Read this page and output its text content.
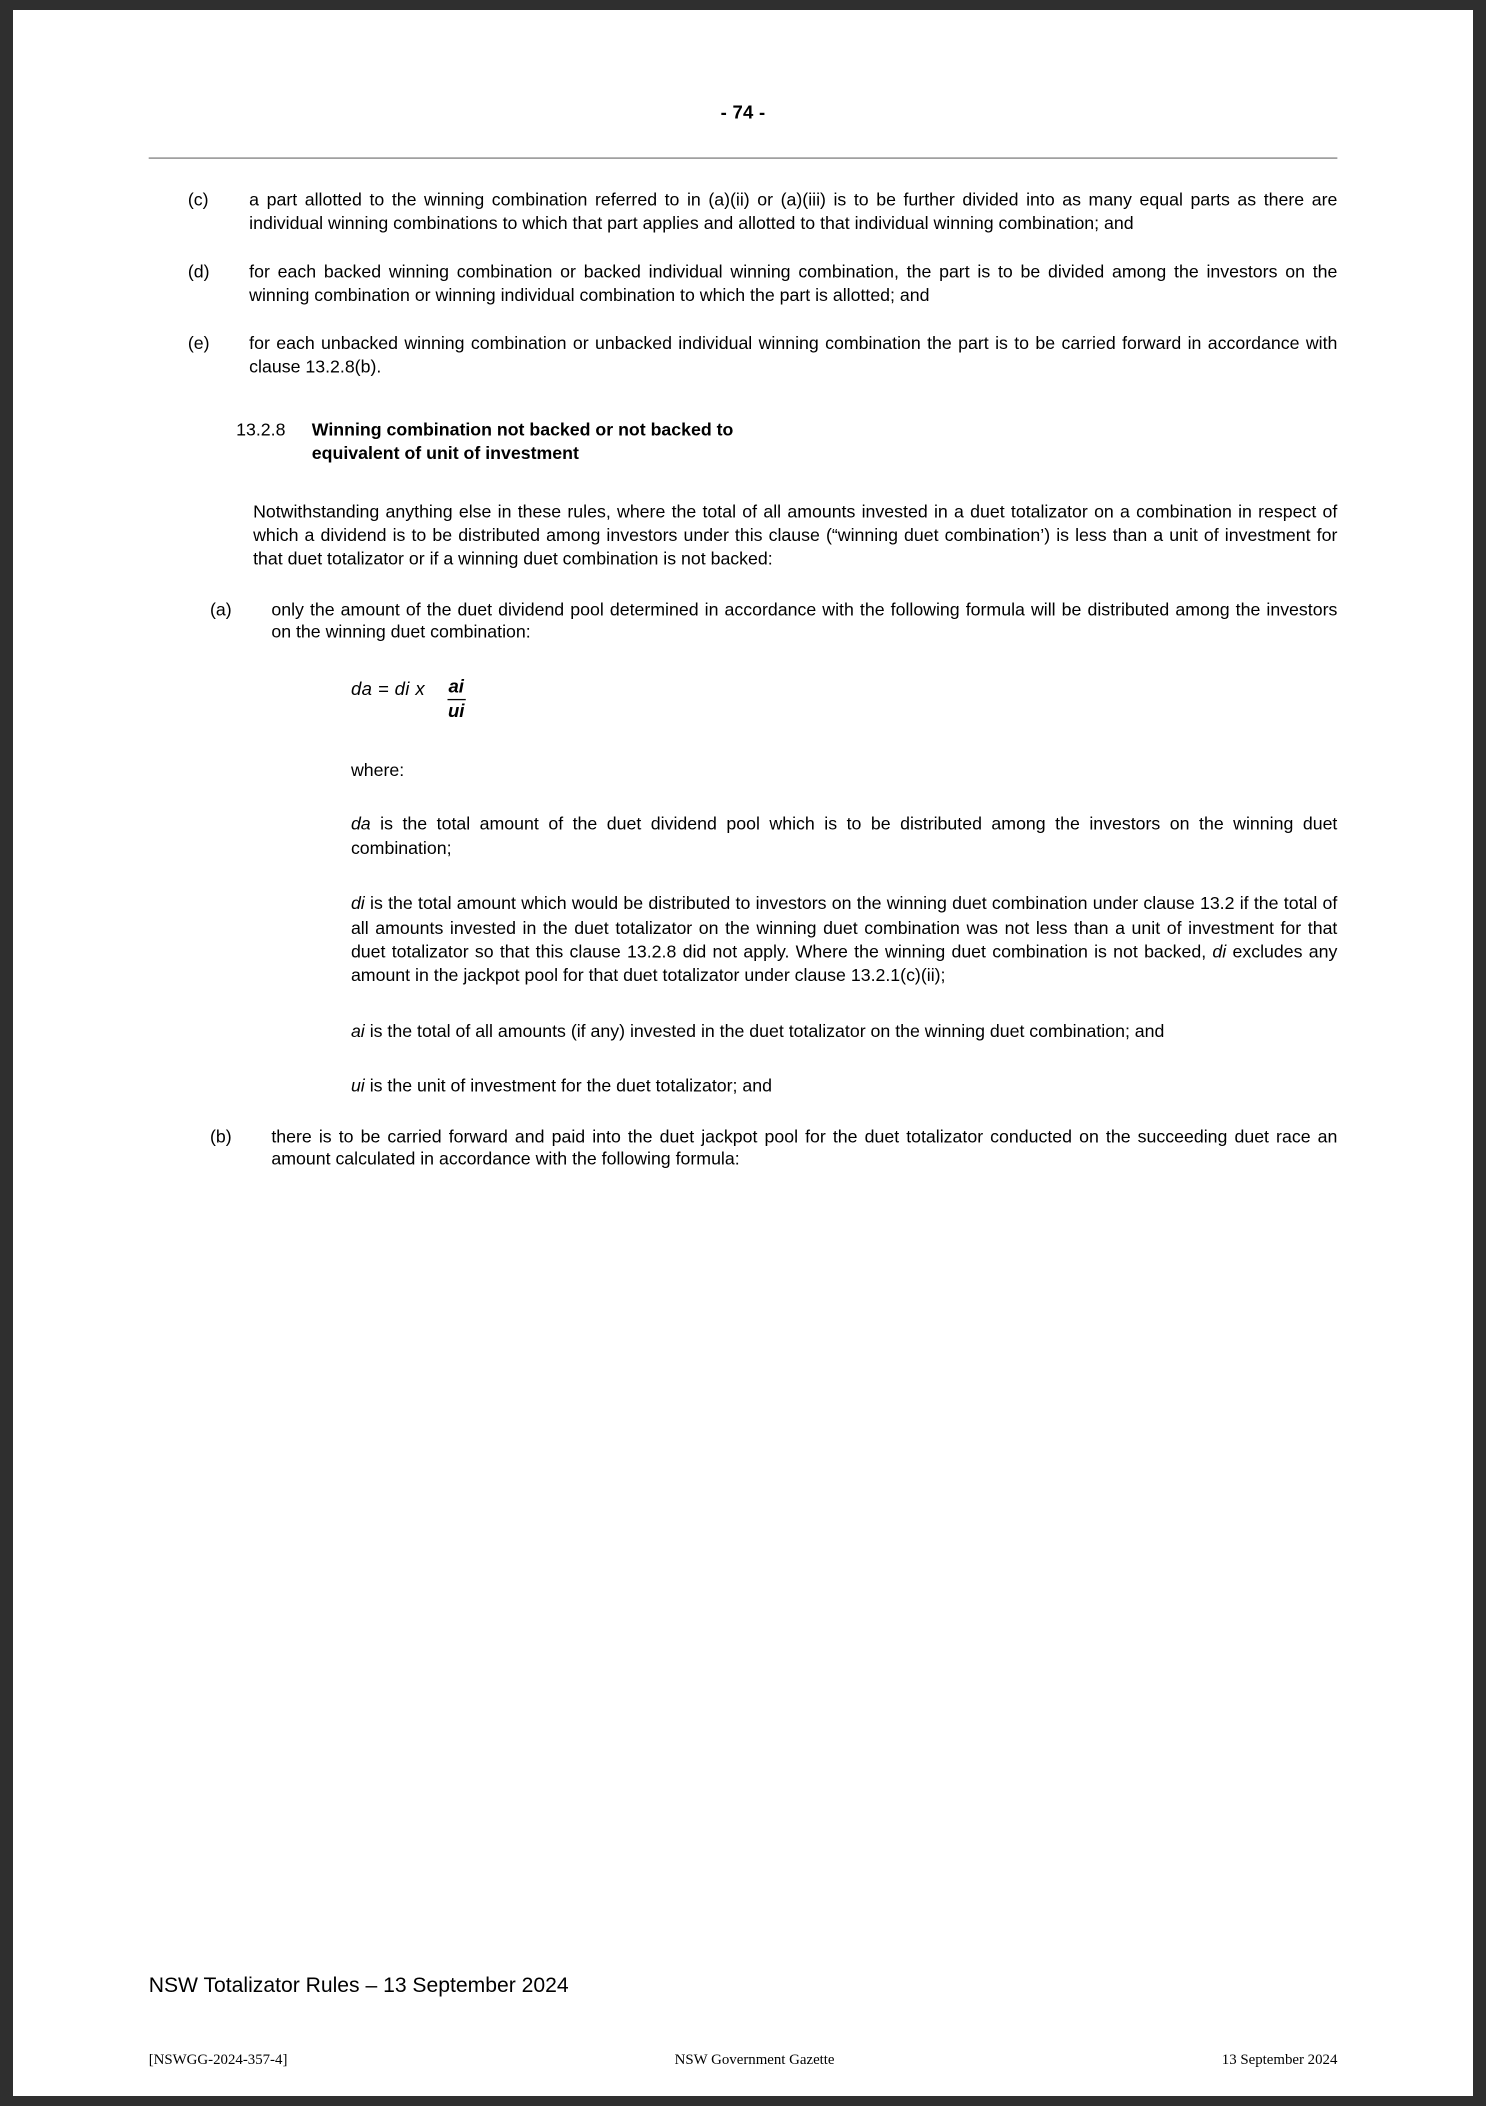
- 74 -
(c)	a part allotted to the winning combination referred to in (a)(ii) or (a)(iii) is to be further divided into as many equal parts as there are individual winning combinations to which that part applies and allotted to that individual winning combination; and
(d)	for each backed winning combination or backed individual winning combination, the part is to be divided among the investors on the winning combination or winning individual combination to which the part is allotted; and
(e)	for each unbacked winning combination or unbacked individual winning combination the part is to be carried forward in accordance with clause 13.2.8(b).
13.2.8	Winning combination not backed or not backed to
equivalent of unit of investment
Notwithstanding anything else in these rules, where the total of all amounts invested in a duet totalizator on a combination in respect of which a dividend is to be distributed among investors under this clause (“winning duet combination’) is less than a unit of investment for that duet totalizator or if a winning duet combination is not backed:
(a)	only the amount of the duet dividend pool determined in accordance with the following formula will be distributed among the investors on the winning duet combination:
da = di x $\frac{ai}{ui}$
where:
da is the total amount of the duet dividend pool which is to be distributed among the investors on the winning duet combination;
di is the total amount which would be distributed to investors on the winning duet combination under clause 13.2 if the total of all amounts invested in the duet totalizator on the winning duet combination was not less than a unit of investment for that duet totalizator so that this clause 13.2.8 did not apply. Where the winning duet combination is not backed, di excludes any amount in the jackpot pool for that duet totalizator under clause 13.2.1(c)(ii);
ai is the total of all amounts (if any) invested in the duet totalizator on the winning duet combination; and
ui is the unit of investment for the duet totalizator; and
(b)	there is to be carried forward and paid into the duet jackpot pool for the duet totalizator conducted on the succeeding duet race an amount calculated in accordance with the following formula:
NSW Totalizator Rules – 13 September 2024
[NSWGG-2024-357-4]	NSW Government Gazette	13 September 2024
